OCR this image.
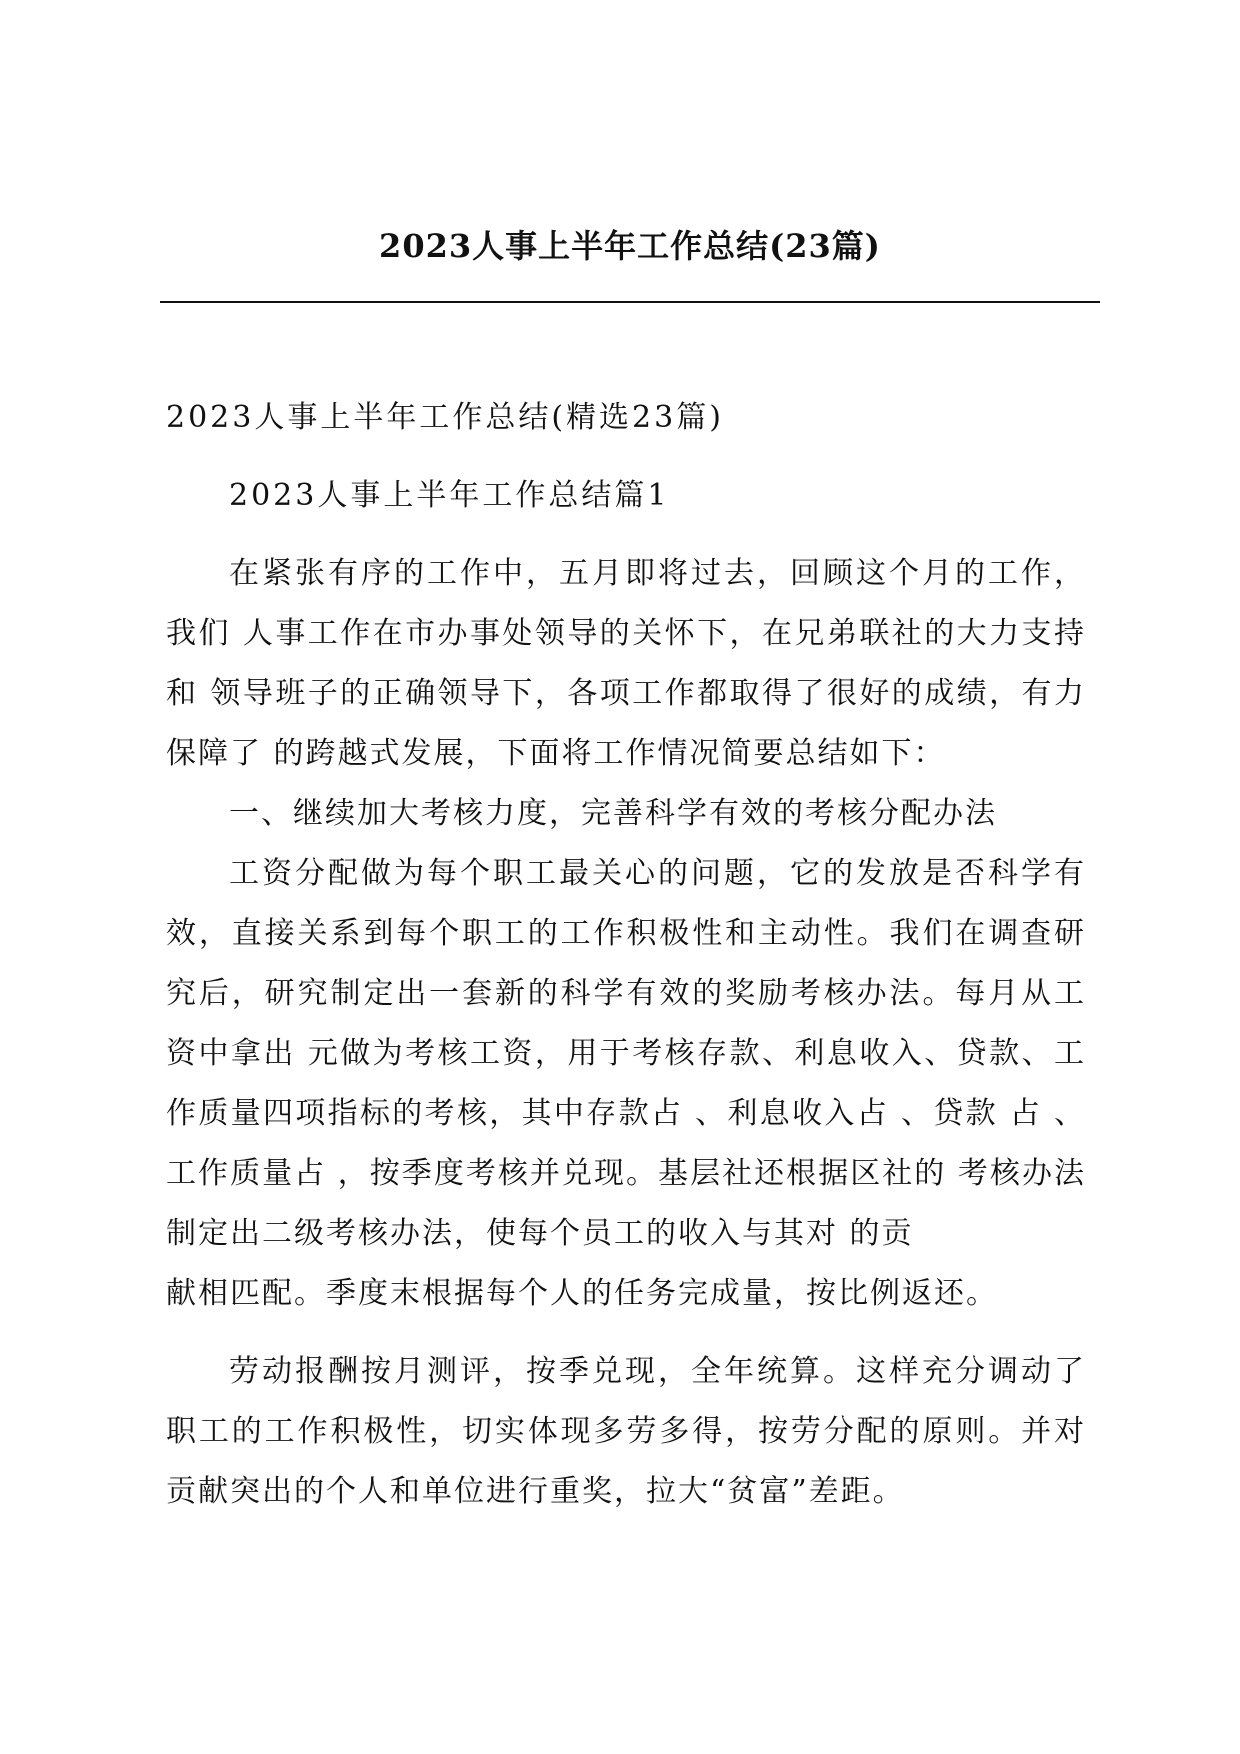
2023人事上半年工作总结(23篇)

2023人事上半年工作总结(精选23篇)

2023人事上半年工作总结篇1

在紧张有序的工作中，五月即将过去，回顾这个月的工作，我们 人事工作在市办事处领导的关怀下，在兄弟联社的大力支持和 领导班子的正确领导下，各项工作都取得了很好的成绩，有力保障了 的跨越式发展，下面将工作情况简要总结如下：

一、继续加大考核力度，完善科学有效的考核分配办法

工资分配做为每个职工最关心的问题，它的发放是否科学有效，直接关系到每个职工的工作积极性和主动性。我们在调查研究后，研究制定出一套新的科学有效的奖励考核办法。每月从工资中拿出 元做为考核工资，用于考核存款、利息收入、贷款、工作质量四项指标的考核，其中存款占 、利息收入占 、贷款 占 、工作质量占 ，按季度考核并兑现。基层社还根据区社的 考核办法制定出二级考核办法，使每个员工的收入与其对 的贡

献相匹配。季度末根据每个人的任务完成量，按比例返还。

劳动报酬按月测评，按季兑现，全年统算。这样充分调动了职工的工作积极性，切实体现多劳多得，按劳分配的原则。并对贡献突出的个人和单位进行重奖，拉大“贫富”差距。
